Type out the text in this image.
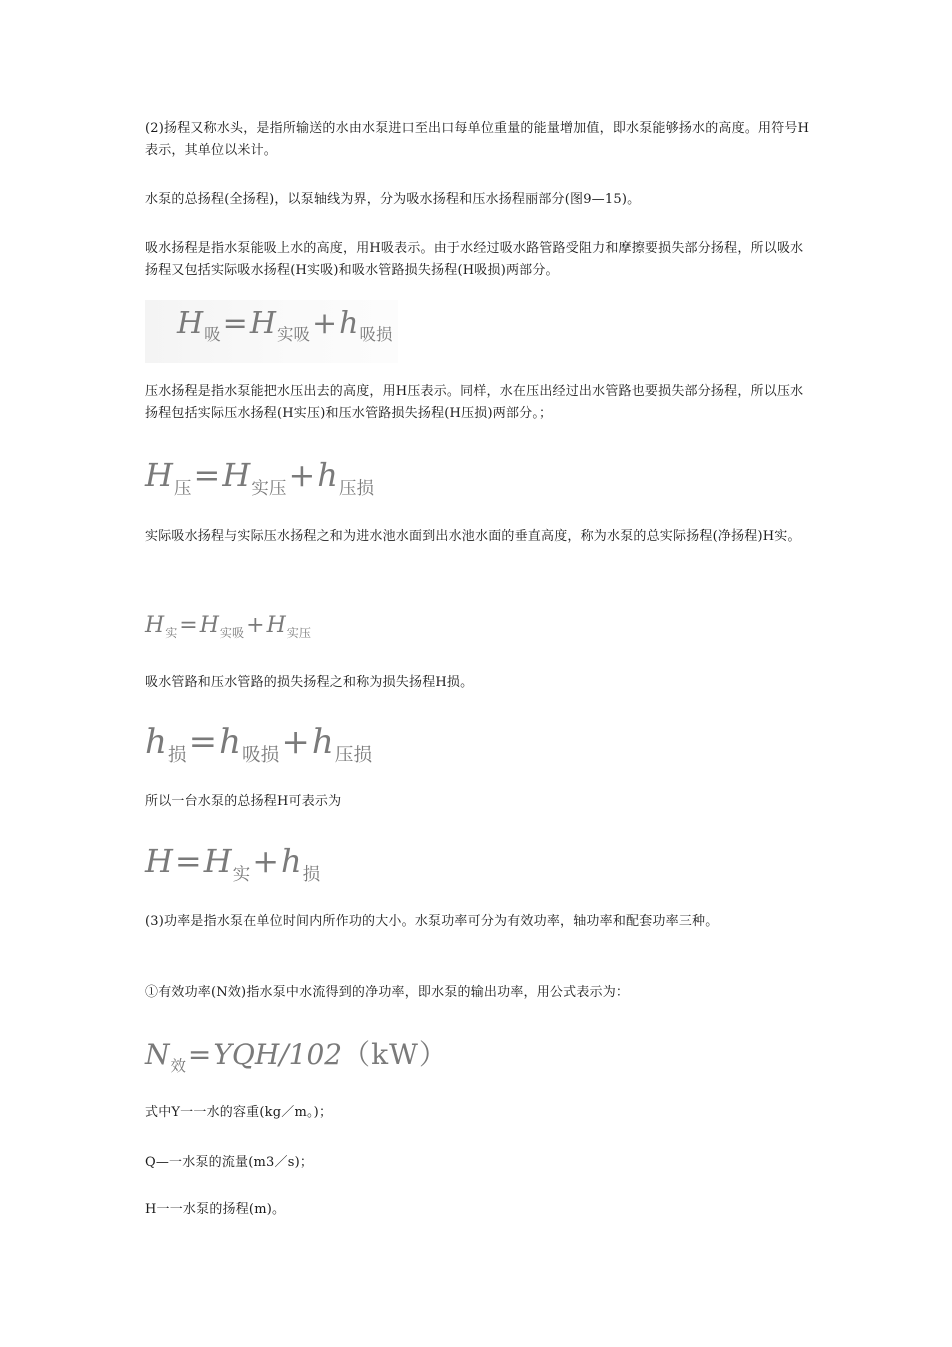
(2)扬程又称水头，是指所输送的水由水泵进口至出口每单位重量的能量增加值，即水泵能够扬水的高度。用符号H表示，其单位以米计。

水泵的总扬程(全扬程)，以泵轴线为界，分为吸水扬程和压水扬程丽部分(图9—15)。

吸水扬程是指水泵能吸上水的高度，用H吸表示。由于水经过吸水路管路受阻力和摩擦要损失部分扬程，所以吸水扬程又包括实际吸水扬程(H实吸)和吸水管路损失扬程(H吸损)两部分。

$H_吸=H_{实吸}+h_{吸损}$

压水扬程是指水泵能把水压出去的高度，用H压表示。同样，水在压出经过出水管路也要损失部分扬程，所以压水扬程包括实际压水扬程(H实压)和压水管路损失扬程(H压损)两部分。；

$H_压=H_{实压}+h_{压损}$

实际吸水扬程与实际压水扬程之和为进水池水面到出水池水面的垂直高度，称为水泵的总实际扬程(净扬程)H实。

$H_实=H_{实吸}+H_{实压}$

吸水管路和压水管路的损失扬程之和称为损失扬程H损。

$h_损=h_{吸损}+h_{压损}$

所以一台水泵的总扬程H可表示为

$H=H_实+h_损$

(3)功率是指水泵在单位时间内所作功的大小。水泵功率可分为有效功率，轴功率和配套功率三种。

①有效功率(N效)指水泵中水流得到的净功率，即水泵的输出功率，用公式表示为：

$N_效=YQH/102(kW)$

式中Y一一水的容重(kg／m。)；

Q—一水泵的流量(m3／s)；

H一一水泵的扬程(m)。
